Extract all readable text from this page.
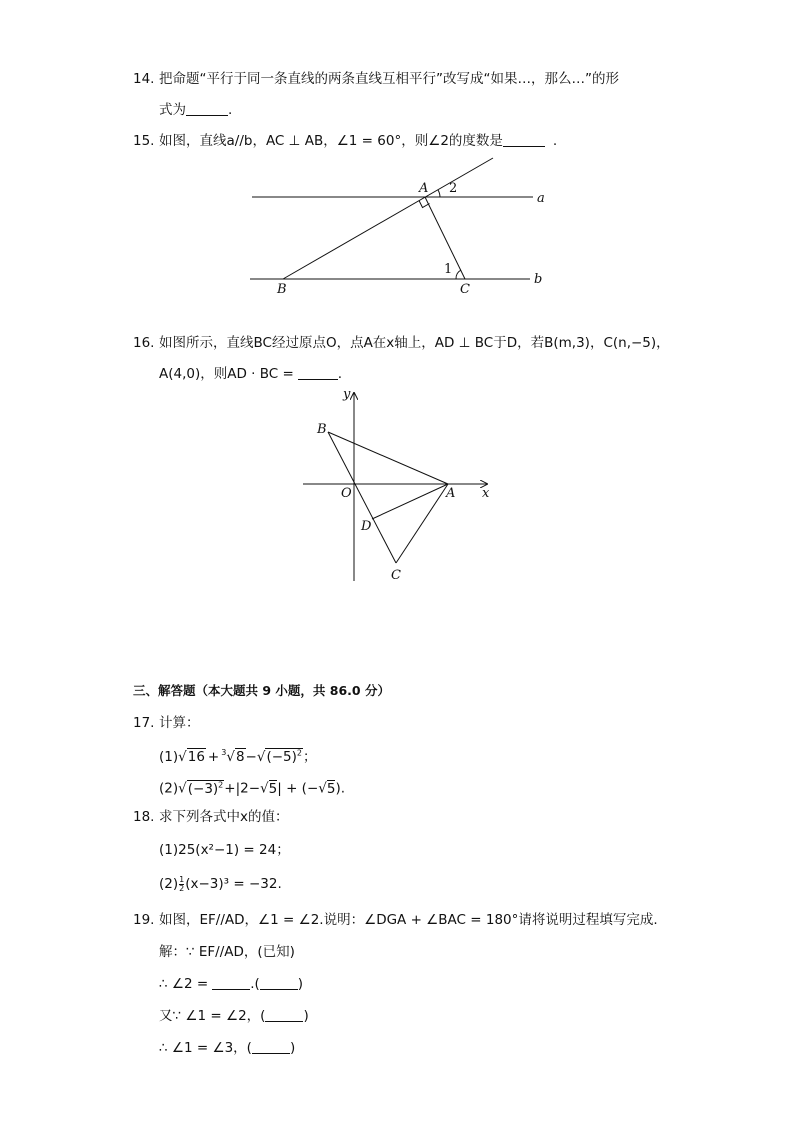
14. 把命题“平行于同一条直线的两条直线互相平行”改写成“如果…，那么…”的形
式为	.
15. 如图，直线a//b，AC ⊥ AB，∠1 = 60°，则∠2的度数是	.
A 2
a
1
b
B	C
16. 如图所示，直线BC经过原点O，点A在x轴上，AD ⊥ BC于D，若B(m,3)，C(n,−5)，
A(4,0)，则AD · BC =	.
y
B
O	A x
D
C
三、解答题（本大题共 9 小题，共 86.0 分）
17. 计算：
$(1)√16 + ^3√8-√(-5)^2$；
$(2)√(-3)^2+|2-√5| + (-√5)$.
18. 求下列各式中x的值：
(1)25(x²−1) = 24；
$(2) \frac{1}{2} (x-3)^3 = -32$.
19. 如图，EF//AD，∠1 = ∠2.说明：∠DGA + ∠BAC = 180°请将说明过程填写完成.
解：∵ EF//AD，(已知)
∴ ∠2 =	.(	)
又∵ ∠1 = ∠2，(	)
∴ ∠1 = ∠3，(	)
